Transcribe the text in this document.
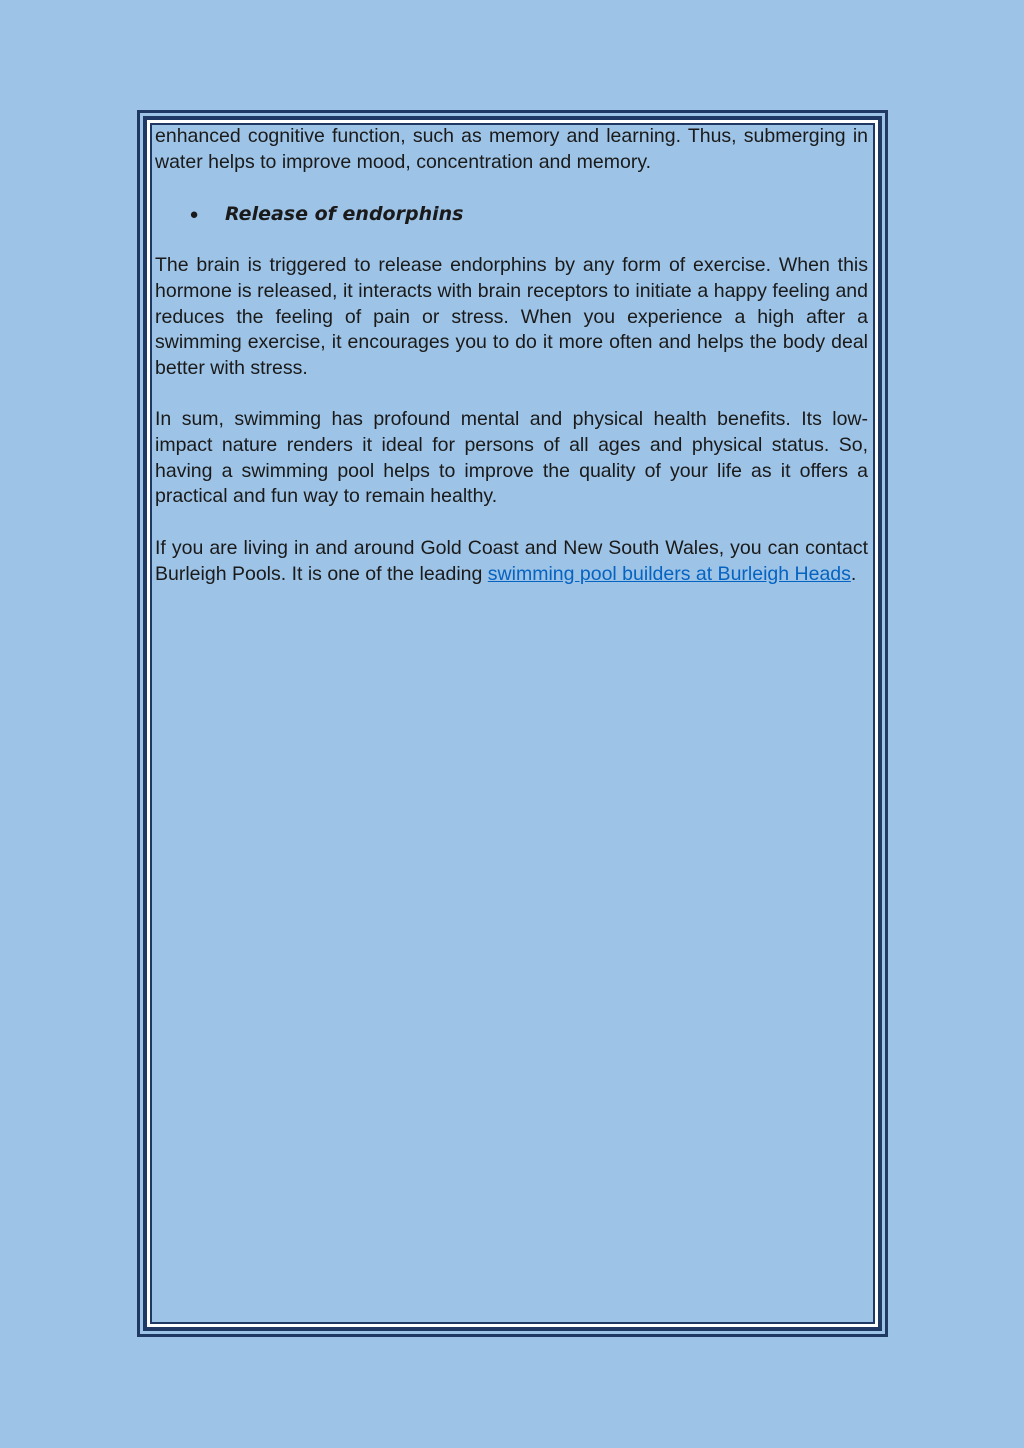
enhanced cognitive function, such as memory and learning. Thus, submerging in water helps to improve mood, concentration and memory.

●	Release of endorphins

The brain is triggered to release endorphins by any form of exercise. When this hormone is released, it interacts with brain receptors to initiate a happy feeling and reduces the feeling of pain or stress. When you experience a high after a swimming exercise, it encourages you to do it more often and helps the body deal better with stress.

In sum, swimming has profound mental and physical health benefits. Its low-impact nature renders it ideal for persons of all ages and physical status. So, having a swimming pool helps to improve the quality of your life as it offers a practical and fun way to remain healthy.

If you are living in and around Gold Coast and New South Wales, you can contact Burleigh Pools. It is one of the leading swimming pool builders at Burleigh Heads.
